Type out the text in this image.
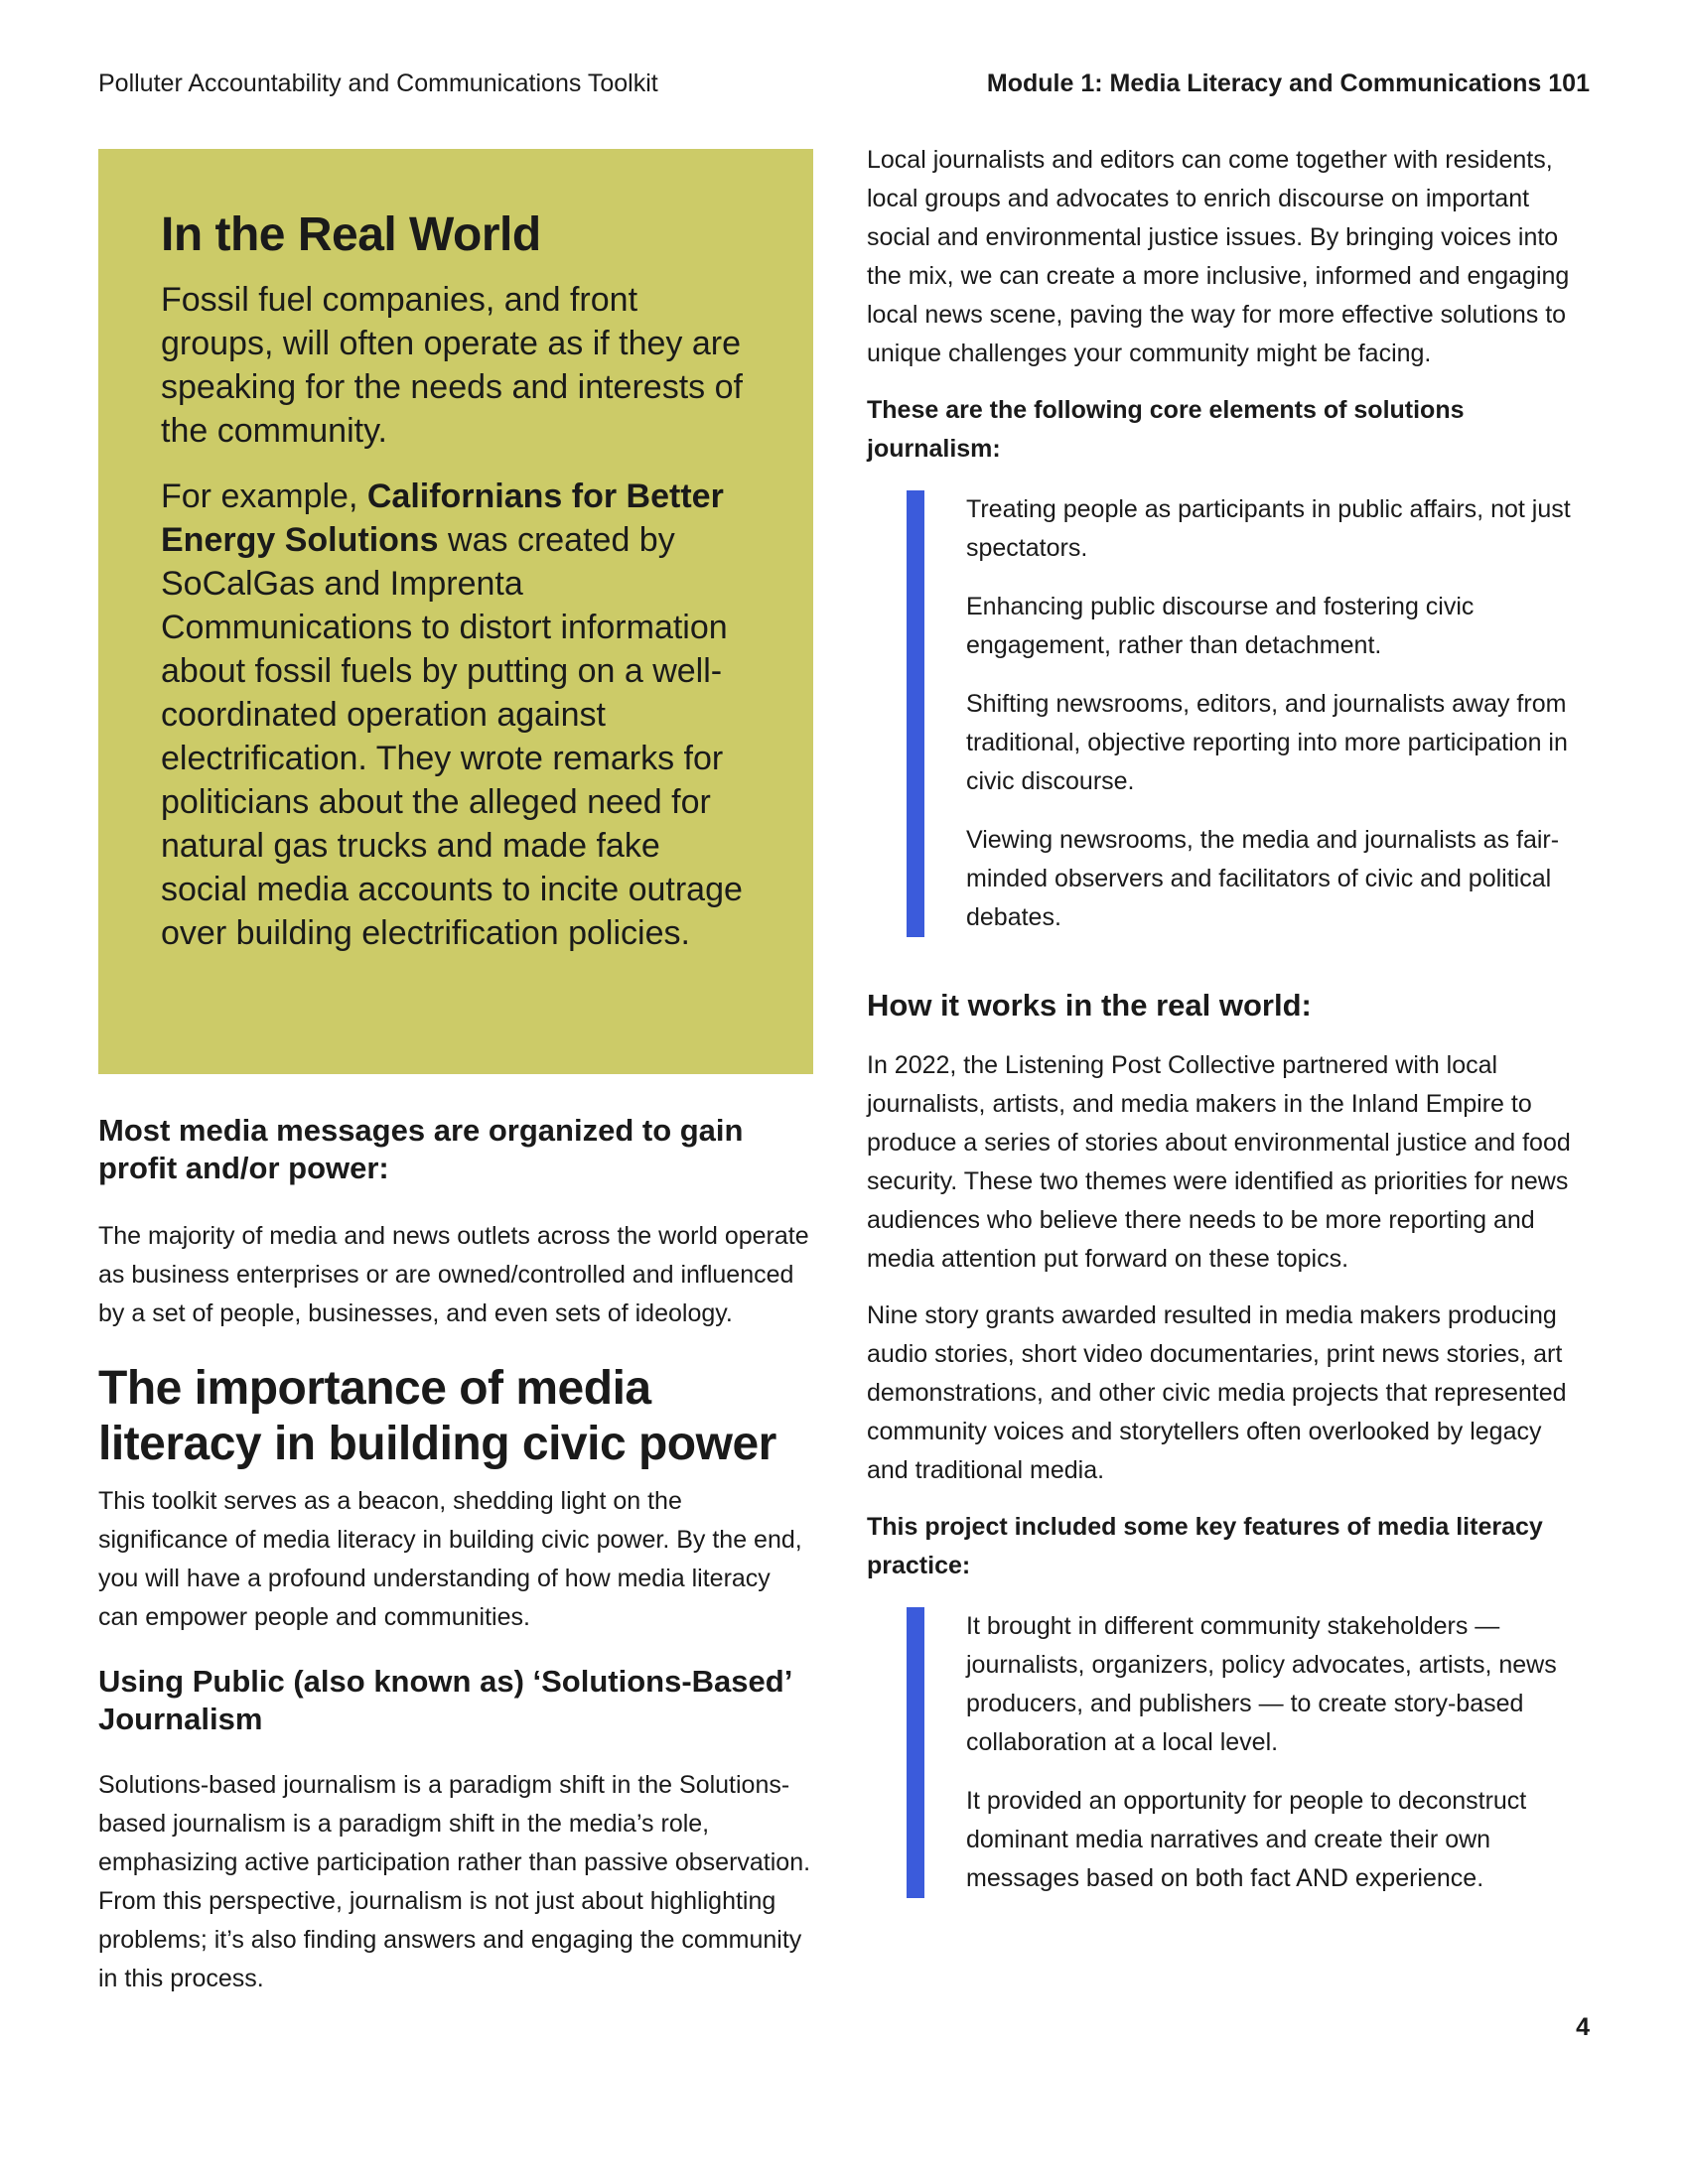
Polluter Accountability and Communications Toolkit	Module 1: Media Literacy and Communications 101
In the Real World

Fossil fuel companies, and front groups, will often operate as if they are speaking for the needs and interests of the community.

For example, Californians for Better Energy Solutions was created by SoCalGas and Imprenta Communications to distort information about fossil fuels by putting on a well-coordinated operation against electrification. They wrote remarks for politicians about the alleged need for natural gas trucks and made fake social media accounts to incite outrage over building electrification policies.

Most media messages are organized to gain profit and/or power:

The majority of media and news outlets across the world operate as business enterprises or are owned/controlled and influenced by a set of people, businesses, and even sets of ideology.

The importance of media literacy in building civic power

This toolkit serves as a beacon, shedding light on the significance of media literacy in building civic power. By the end, you will have a profound understanding of how media literacy can empower people and communities.

Using Public (also known as) ‘Solutions-Based’ Journalism

Solutions-based journalism is a paradigm shift in the Solutions-based journalism is a paradigm shift in the media’s role, emphasizing active participation rather than passive observation. From this perspective, journalism is not just about highlighting problems; it’s also finding answers and engaging the community in this process.

Local journalists and editors can come together with residents, local groups and advocates to enrich discourse on important social and environmental justice issues. By bringing voices into the mix, we can create a more inclusive, informed and engaging local news scene, paving the way for more effective solutions to unique challenges your community might be facing.

These are the following core elements of solutions journalism:

Treating people as participants in public affairs, not just spectators.

Enhancing public discourse and fostering civic engagement, rather than detachment.

Shifting newsrooms, editors, and journalists away from traditional, objective reporting into more participation in civic discourse.

Viewing newsrooms, the media and journalists as fair-minded observers and facilitators of civic and political debates.

How it works in the real world:

In 2022, the Listening Post Collective partnered with local journalists, artists, and media makers in the Inland Empire to produce a series of stories about environmental justice and food security. These two themes were identified as priorities for news audiences who believe there needs to be more reporting and media attention put forward on these topics.

Nine story grants awarded resulted in media makers producing audio stories, short video documentaries, print news stories, art demonstrations, and other civic media projects that represented community voices and storytellers often overlooked by legacy and traditional media.

This project included some key features of media literacy practice:

It brought in different community stakeholders — journalists, organizers, policy advocates, artists, news producers, and publishers — to create story-based collaboration at a local level.

It provided an opportunity for people to deconstruct dominant media narratives and create their own messages based on both fact AND experience.

4
